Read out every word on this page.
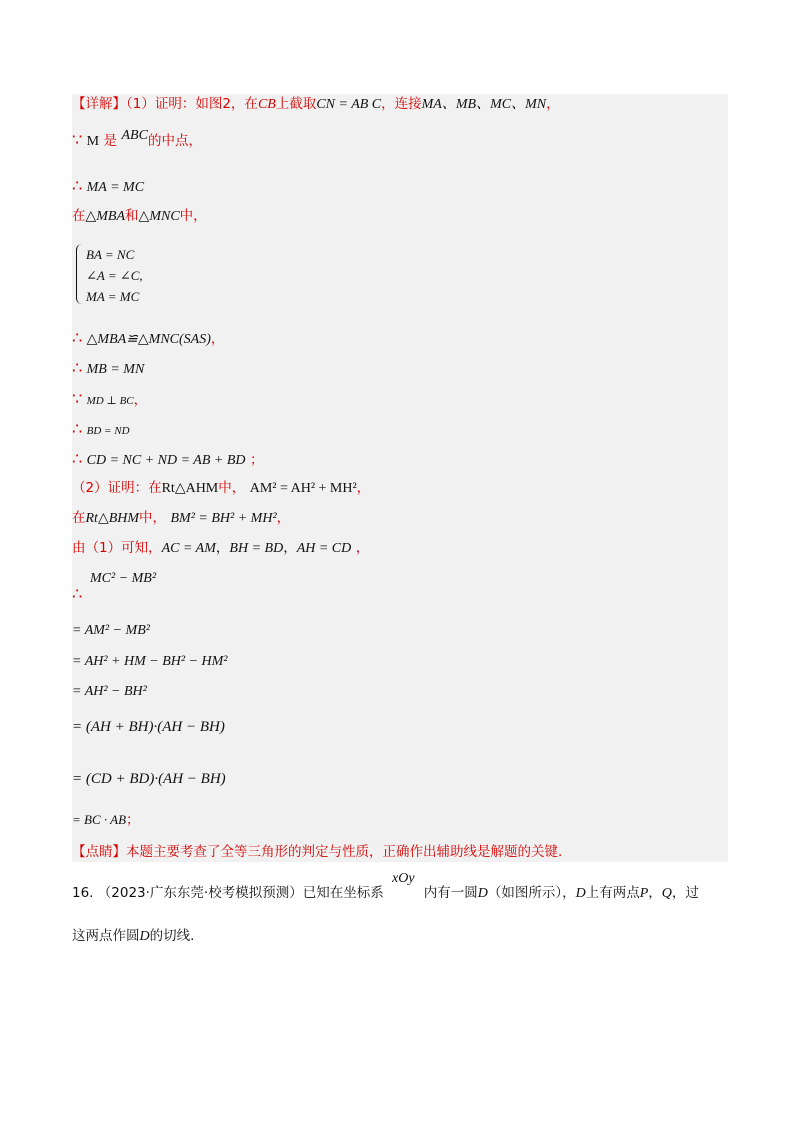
【详解】（1）证明：如图2，在CB上截取CN = AB C，连接MA、MB、MC、MN，
∵ M 是 ABC的中点，
∴ MA = MC
在△MBA和△MNC中，
BA = NC
∠A = ∠C,
MA = MC
∴ △MBA≌△MNC(SAS)，
∴ MB = MN
∵ MD ⊥ BC，
∴ BD = ND
∴ CD = NC + ND = AB + BD ；
（2）证明：在Rt△AHM中， AM² = AH² + MH²，
在Rt△BHM中， BM² = BH² + MH²，
由（1）可知，AC = AM，BH = BD，AH = CD ，
MC² − MB²
∴
= AM² − MB²
= AH² + HM − BH² − HM²
= AH² − BH²
= (AH + BH)·(AH − BH)
= (CD + BD)·(AH − BH)
= BC · AB；
【点睛】本题主要考查了全等三角形的判定与性质，正确作出辅助线是解题的关键.
xOy
16. （2023·广东东莞·校考模拟预测）已知在坐标系	内有一圆D（如图所示），D上有两点P，Q，过
这两点作圆D的切线.
